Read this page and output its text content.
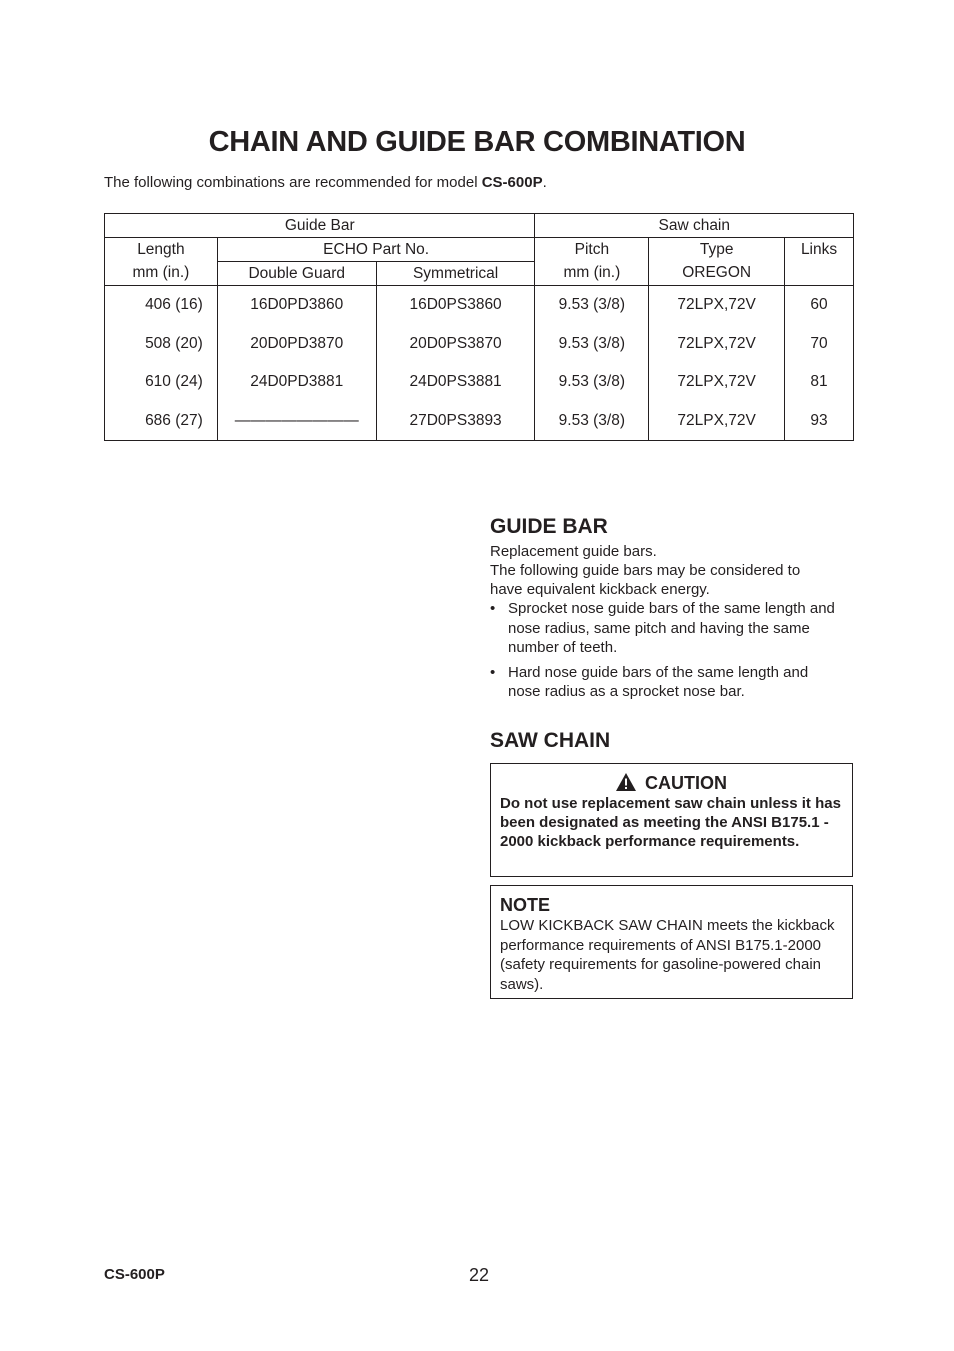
CHAIN AND GUIDE BAR COMBINATION
The following combinations are recommended for model CS-600P.
Guide Bar			Saw chain		
Length	ECHO Part No.		Pitch	Type	Links
mm (in.)	Double Guard	Symmetrical	mm (in.)	OREGON	
406 (16)	16D0PD3860	16D0PS3860	9.53 (3/8)	72LPX,72V	60
508 (20)	20D0PD3870	20D0PS3870	9.53 (3/8)	72LPX,72V	70
610 (24)	24D0PD3881	24D0PS3881	9.53 (3/8)	72LPX,72V	81
686 (27)	————————	27D0PS3893	9.53 (3/8)	72LPX,72V	93
GUIDE BAR
Replacement guide bars.
The following guide bars may be considered to have equivalent kickback energy.
• Sprocket nose guide bars of the same length and nose radius, same pitch and having the same number of teeth.
• Hard nose guide bars of the same length and nose radius as a sprocket nose bar.
SAW CHAIN
CAUTION
Do not use replacement saw chain unless it has been designated as meeting the ANSI B175.1 - 2000 kickback performance requirements.
NOTE
LOW KICKBACK SAW CHAIN meets the kickback performance requirements of ANSI B175.1-2000 (safety requirements for gasoline-powered chain saws).
CS-600P	22
